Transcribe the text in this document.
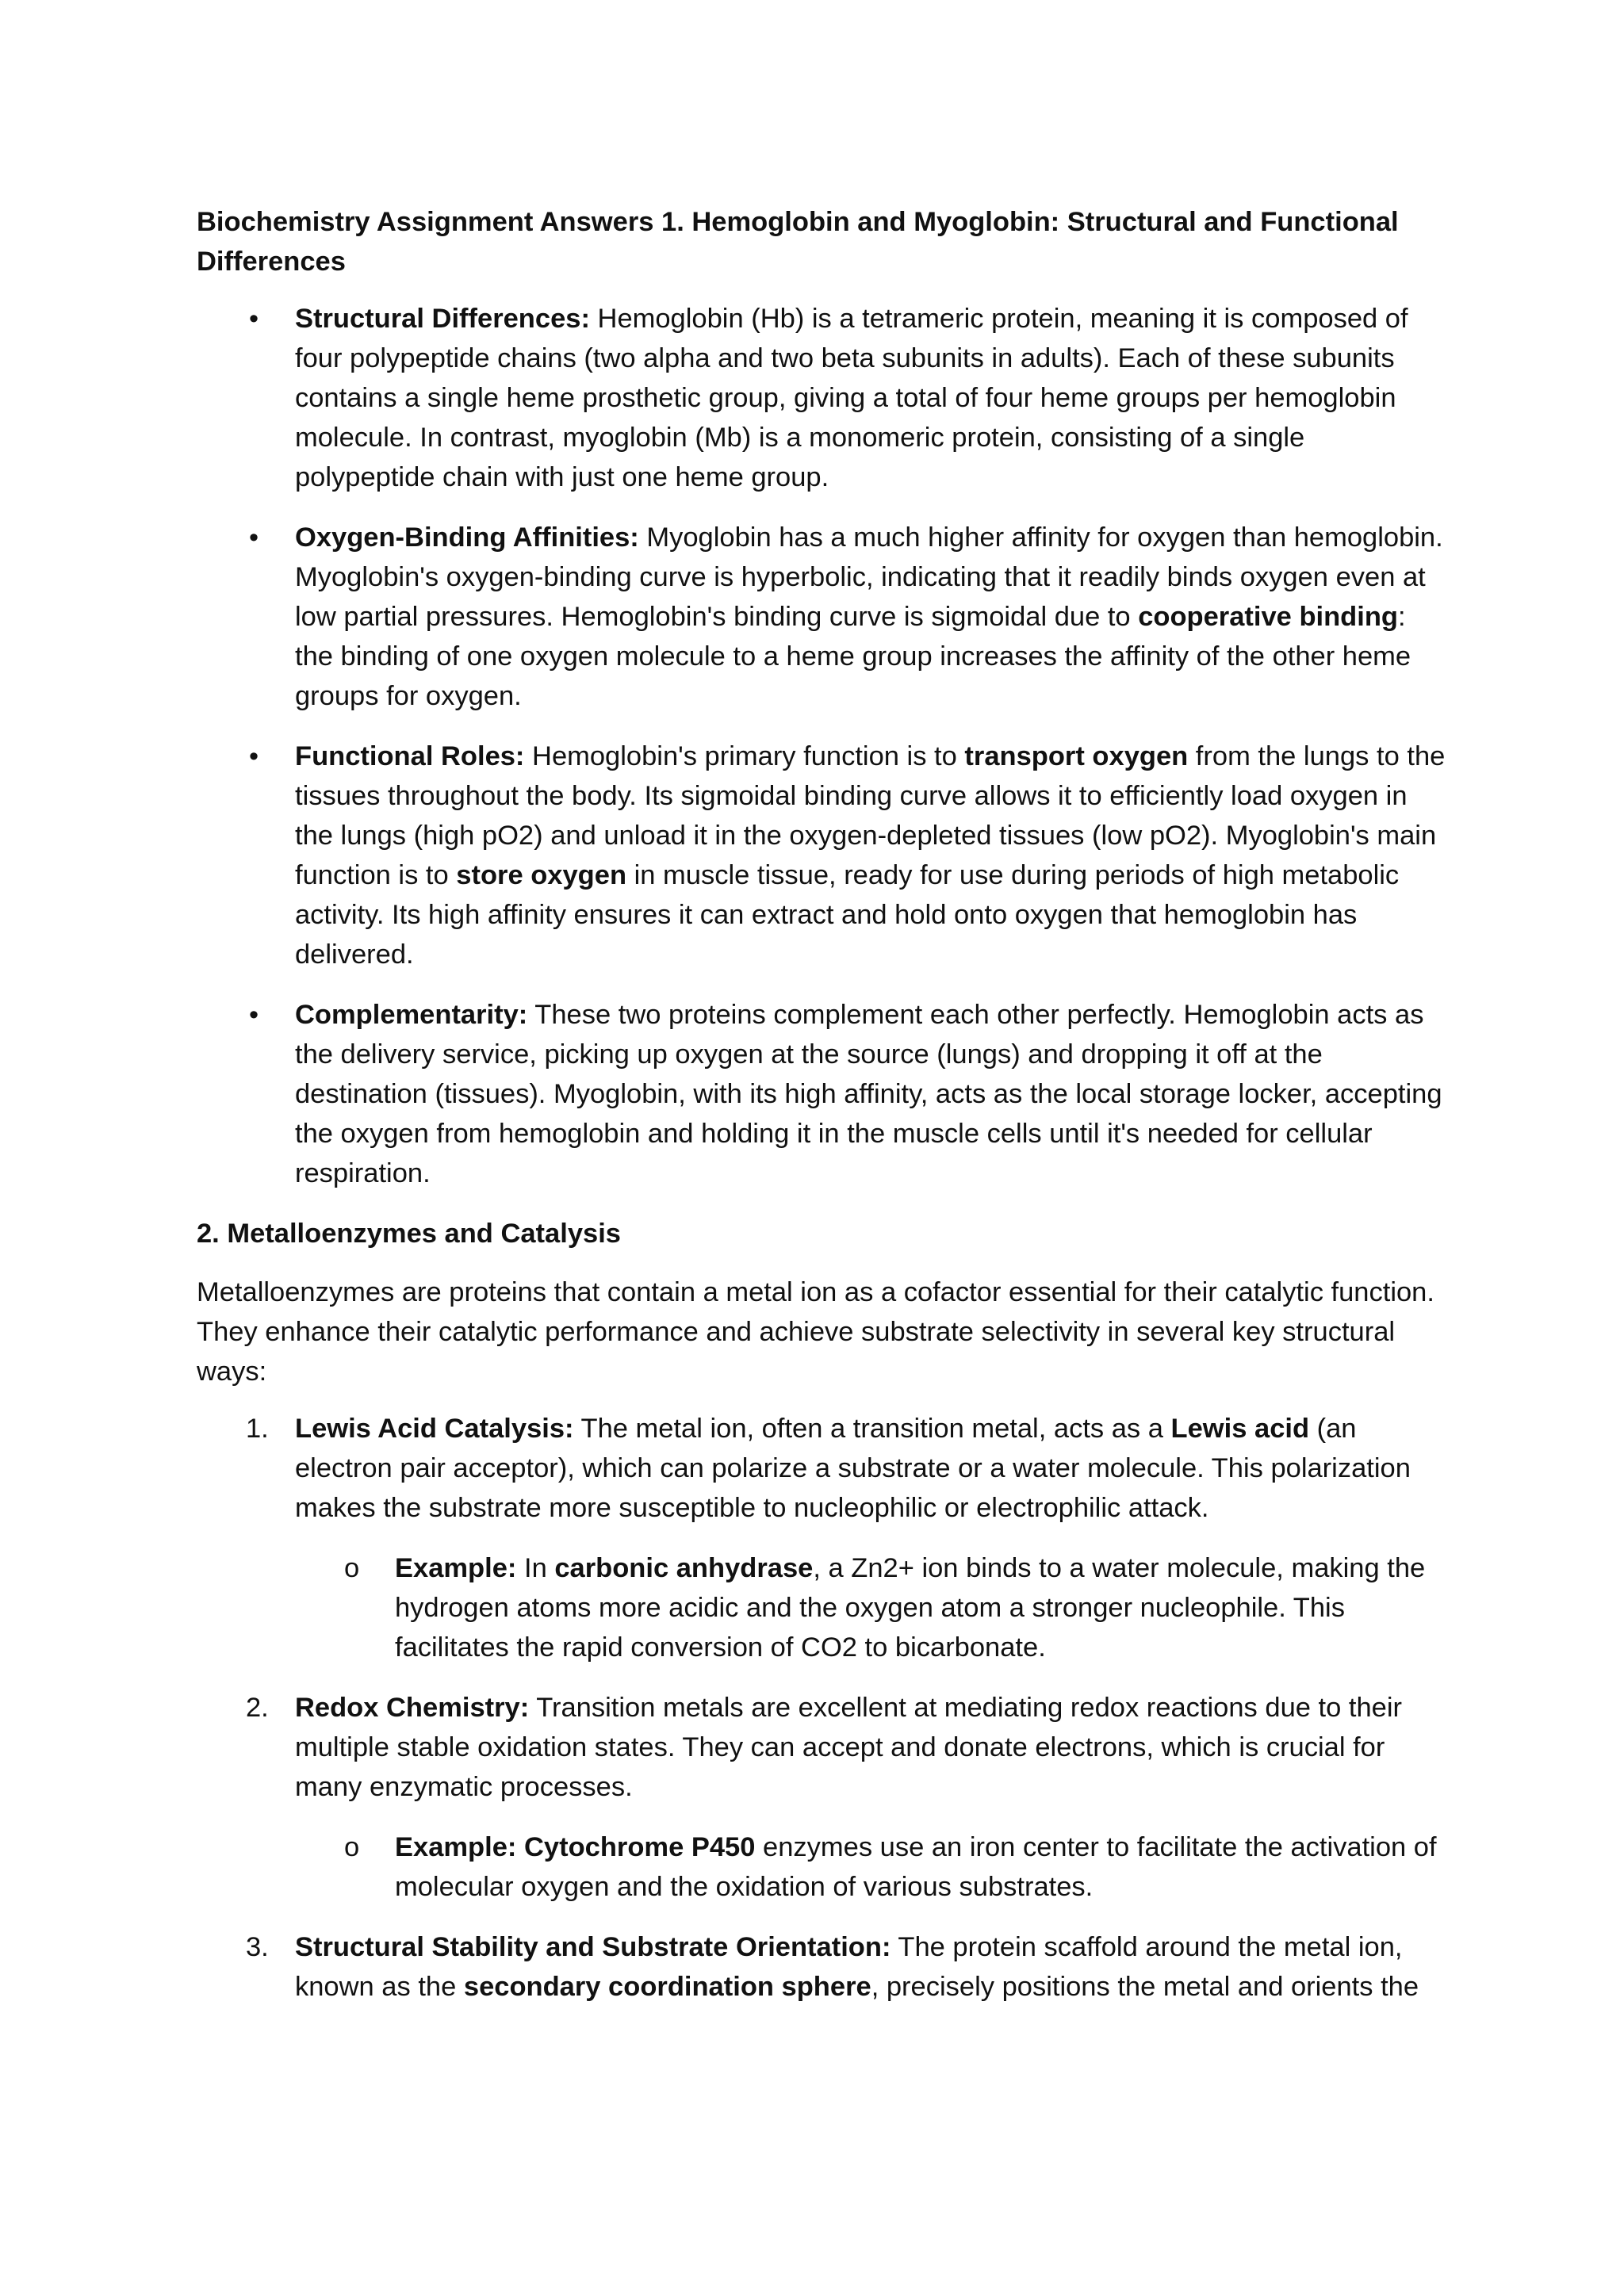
Biochemistry Assignment Answers 1. Hemoglobin and Myoglobin: Structural and Functional Differences

•	Structural Differences: Hemoglobin (Hb) is a tetrameric protein, meaning it is composed of four polypeptide chains (two alpha and two beta subunits in adults). Each of these subunits contains a single heme prosthetic group, giving a total of four heme groups per hemoglobin molecule. In contrast, myoglobin (Mb) is a monomeric protein, consisting of a single polypeptide chain with just one heme group.
•	Oxygen-Binding Affinities: Myoglobin has a much higher affinity for oxygen than hemoglobin. Myoglobin's oxygen-binding curve is hyperbolic, indicating that it readily binds oxygen even at low partial pressures. Hemoglobin's binding curve is sigmoidal due to cooperative binding: the binding of one oxygen molecule to a heme group increases the affinity of the other heme groups for oxygen.
•	Functional Roles: Hemoglobin's primary function is to transport oxygen from the lungs to the tissues throughout the body. Its sigmoidal binding curve allows it to efficiently load oxygen in the lungs (high pO2) and unload it in the oxygen-depleted tissues (low pO2). Myoglobin's main function is to store oxygen in muscle tissue, ready for use during periods of high metabolic activity. Its high affinity ensures it can extract and hold onto oxygen that hemoglobin has delivered.
•	Complementarity: These two proteins complement each other perfectly. Hemoglobin acts as the delivery service, picking up oxygen at the source (lungs) and dropping it off at the destination (tissues). Myoglobin, with its high affinity, acts as the local storage locker, accepting the oxygen from hemoglobin and holding it in the muscle cells until it's needed for cellular respiration.

2. Metalloenzymes and Catalysis

Metalloenzymes are proteins that contain a metal ion as a cofactor essential for their catalytic function. They enhance their catalytic performance and achieve substrate selectivity in several key structural ways:

1. Lewis Acid Catalysis: The metal ion, often a transition metal, acts as a Lewis acid (an electron pair acceptor), which can polarize a substrate or a water molecule. This polarization makes the substrate more susceptible to nucleophilic or electrophilic attack.
o Example: In carbonic anhydrase, a Zn2+ ion binds to a water molecule, making the hydrogen atoms more acidic and the oxygen atom a stronger nucleophile. This facilitates the rapid conversion of CO2 to bicarbonate.
2. Redox Chemistry: Transition metals are excellent at mediating redox reactions due to their multiple stable oxidation states. They can accept and donate electrons, which is crucial for many enzymatic processes.
o Example: Cytochrome P450 enzymes use an iron center to facilitate the activation of molecular oxygen and the oxidation of various substrates.
3. Structural Stability and Substrate Orientation: The protein scaffold around the metal ion, known as the secondary coordination sphere, precisely positions the metal and orients the
